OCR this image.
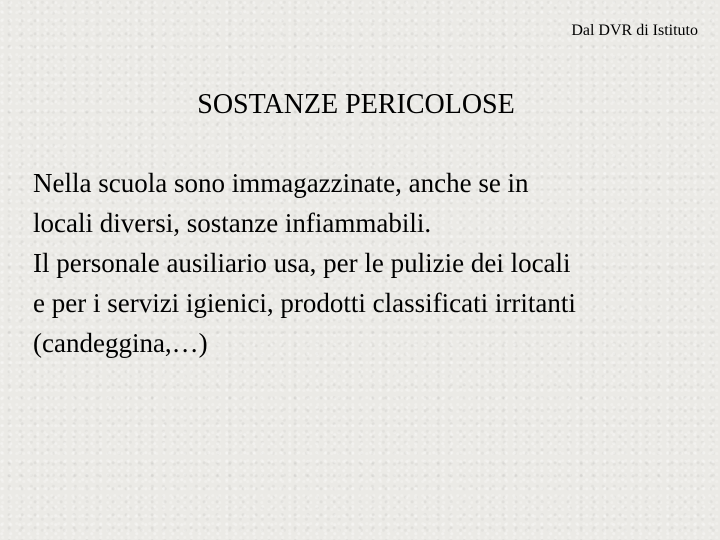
Dal DVR di Istituto
SOSTANZE PERICOLOSE

Nella scuola sono immagazzinate, anche se in
locali diversi, sostanze infiammabili.

Il personale ausiliario usa, per le pulizie dei locali
e per i servizi igienici, prodotti classificati irritanti
(candeggina,…)
